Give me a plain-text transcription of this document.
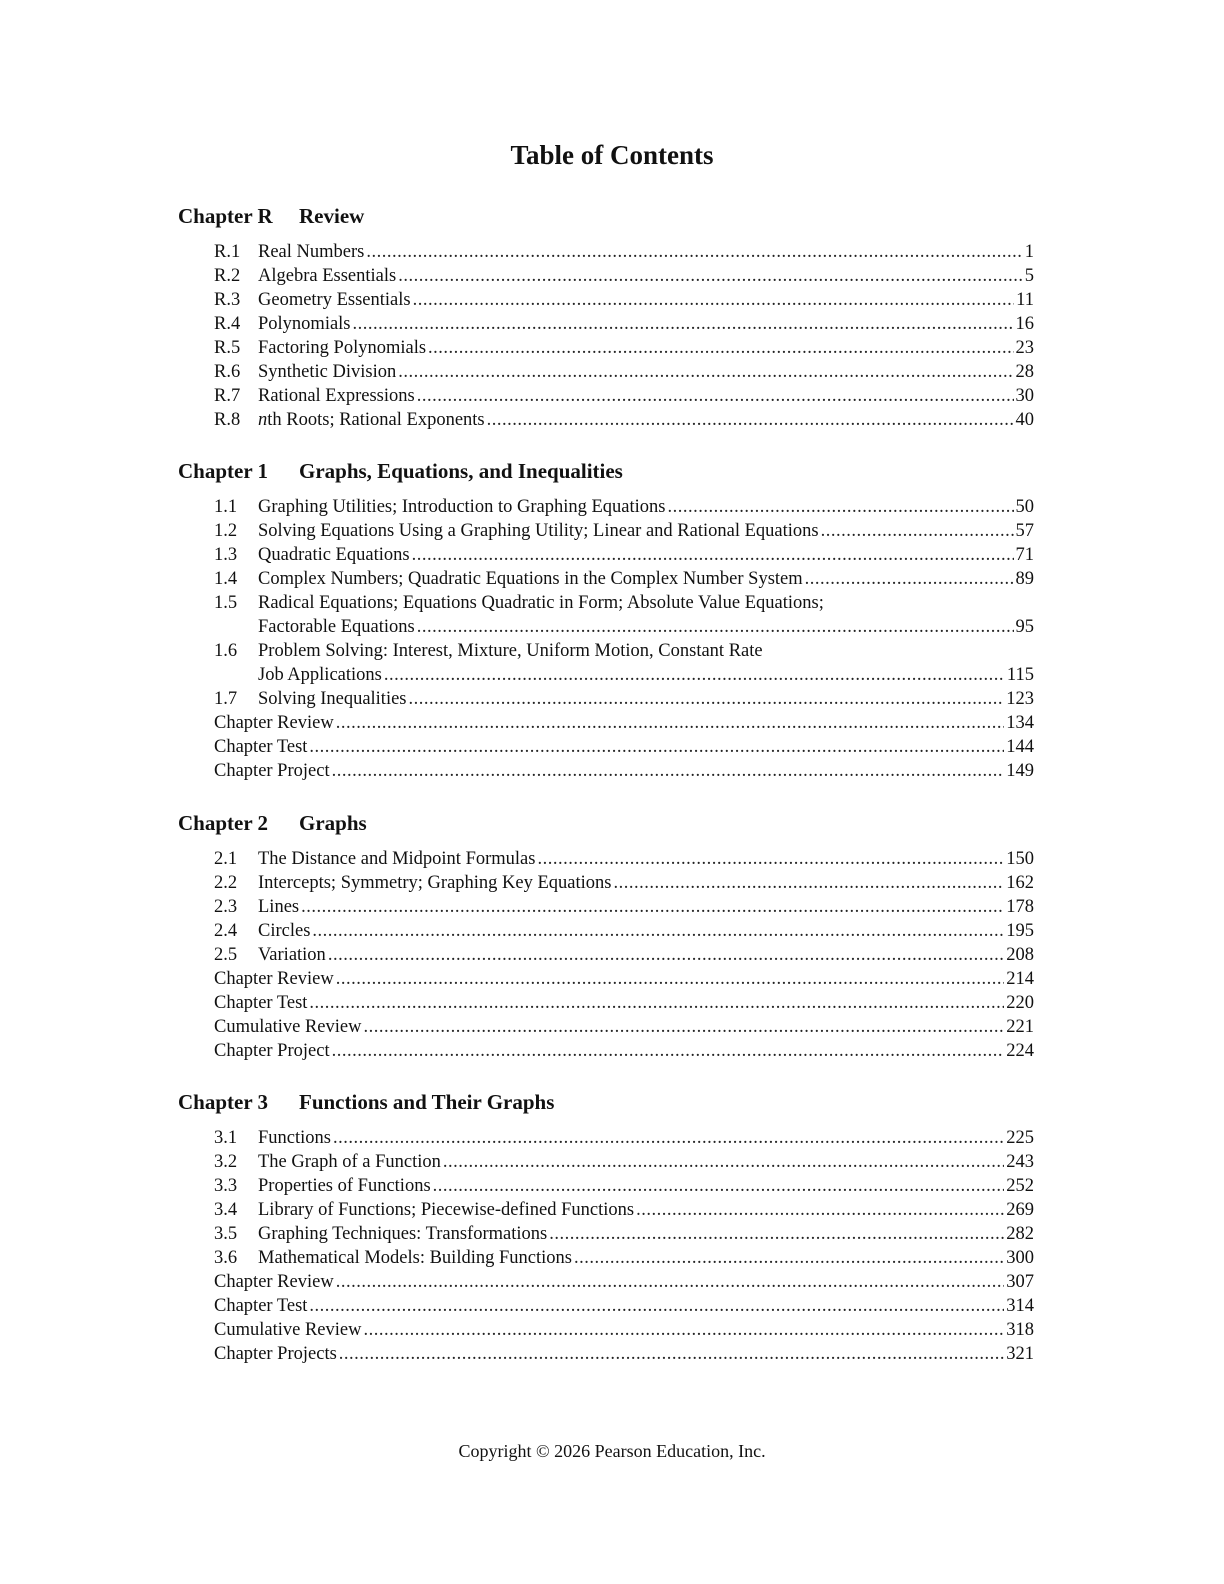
Table of Contents
Chapter R Review
R.1 Real Numbers .....	1
R.2 Algebra Essentials .....	5
R.3 Geometry Essentials .....	11
R.4 Polynomials .....	16
R.5 Factoring Polynomials .....	23
R.6 Synthetic Division .....	28
R.7 Rational Expressions .....	30
R.8 nth Roots; Rational Exponents .....	40
Chapter 1 Graphs, Equations, and Inequalities
1.1	Graphing Utilities; Introduction to Graphing Equations .....	50
1.2	Solving Equations Using a Graphing Utility; Linear and Rational Equations .....	57
1.3	Quadratic Equations .....	71
1.4	Complex Numbers; Quadratic Equations in the Complex Number System .....	89
1.5	Radical Equations; Equations Quadratic in Form; Absolute Value Equations;
Factorable Equations .....	95
1.6	Problem Solving: Interest, Mixture, Uniform Motion, Constant Rate
Job Applications .....	115
1.7	Solving Inequalities .....	123
Chapter Review .....	134
Chapter Test .....	144
Chapter Project .....	149
Chapter 2 Graphs
2.1	The Distance and Midpoint Formulas .....	150
2.2	Intercepts; Symmetry; Graphing Key Equations .....	162
2.3	Lines .....	178
2.4	Circles .....	195
2.5	Variation .....	208
Chapter Review .....	214
Chapter Test .....	220
Cumulative Review .....	221
Chapter Project .....	224
Chapter 3 Functions and Their Graphs
3.1	Functions .....	225
3.2	The Graph of a Function .....	243
3.3	Properties of Functions .....	252
3.4	Library of Functions; Piecewise-defined Functions .....	269
3.5	Graphing Techniques: Transformations .....	282
3.6	Mathematical Models: Building Functions .....	300
Chapter Review .....	307
Chapter Test .....	314
Cumulative Review .....	318
Chapter Projects .....	321
Copyright © 2026 Pearson Education, Inc.
